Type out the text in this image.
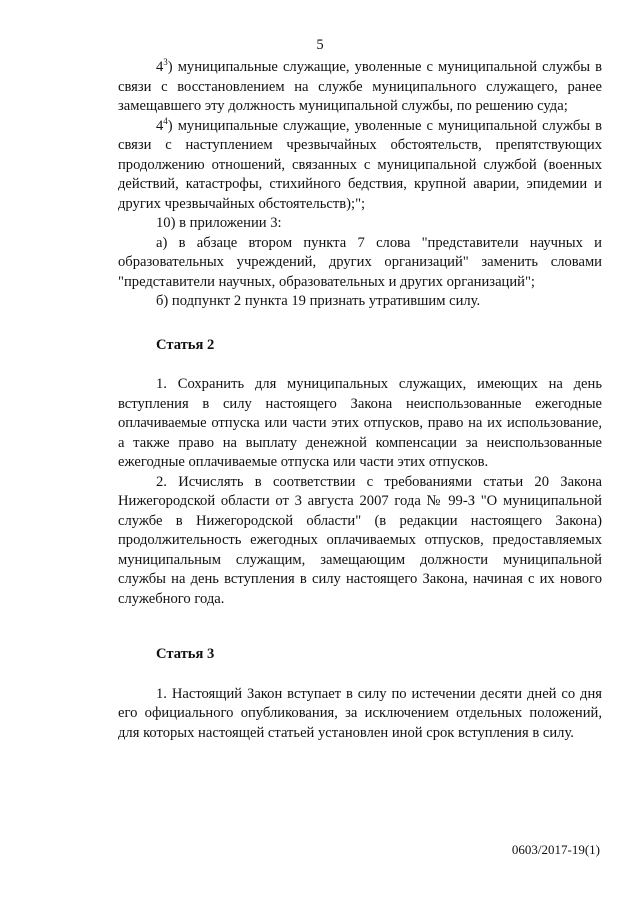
5

$4^3$) муниципальные служащие, уволенные с муниципальной службы в связи с восстановлением на службе муниципального служащего, ранее замещавшего эту должность муниципальной службы, по решению суда;

$4^4$) муниципальные служащие, уволенные с муниципальной службы в связи с наступлением чрезвычайных обстоятельств, препятствующих продолжению отношений, связанных с муниципальной службой (военных действий, катастрофы, стихийного бедствия, крупной аварии, эпидемии и других чрезвычайных обстоятельств);";

10) в приложении 3:

а) в абзаце втором пункта 7 слова "представители научных и образовательных учреждений, других организаций" заменить словами "представители научных, образовательных и других организаций";

б) подпункт 2 пункта 19 признать утратившим силу.

Статья 2

1. Сохранить для муниципальных служащих, имеющих на день вступления в силу настоящего Закона неиспользованные ежегодные оплачиваемые отпуска или части этих отпусков, право на их использование, а также право на выплату денежной компенсации за неиспользованные ежегодные оплачиваемые отпуска или части этих отпусков.

2. Исчислять в соответствии с требованиями статьи 20 Закона Нижегородской области от 3 августа 2007 года № 99-З "О муниципальной службе в Нижегородской области" (в редакции настоящего Закона) продолжительность ежегодных оплачиваемых отпусков, предоставляемых муниципальным служащим, замещающим должности муниципальной службы на день вступления в силу настоящего Закона, начиная с их нового служебного года.

Статья 3

1. Настоящий Закон вступает в силу по истечении десяти дней со дня его официального опубликования, за исключением отдельных положений, для которых настоящей статьей установлен иной срок вступления в силу.

0603/2017-19(1)
